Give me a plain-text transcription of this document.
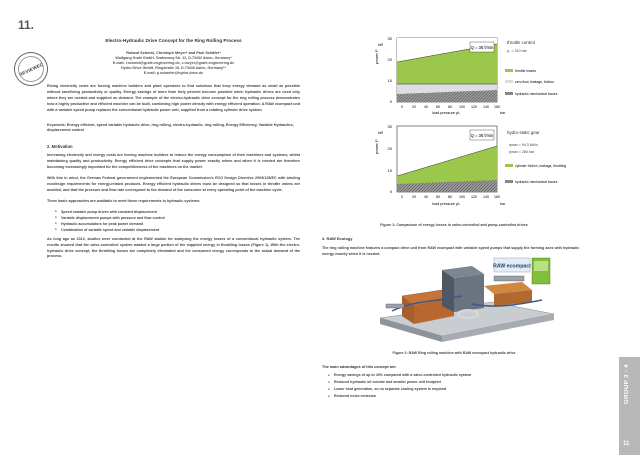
11.
REVIEWED
Electro-Hydraulic Drive Concept for the Ring Rolling Process
Roland Schmid, Christoph Meyer* and Paul Schäfer*
Wolfgang Grafe GmbH, Grafenweg Str. 12, D-73432 Aalen, Germany*
E-mail: r.schmid@grafe-engineering.de, c.meyer@grafe-engineering.de
Hydro Drive GmbH, Ringstraße 18, D-73430 Aalen, Germany**
E-mail: p.schaefer@hydro-drive.de
Rising electricity costs are forcing machine builders and plant operators to find solutions that keep energy demand as small as possible without sacrificing productivity or quality. Energy savings of more than forty percent become possible when hydraulic drives are used only where they are needed and supplied on demand. The example of the electro-hydraulic drive concept for the ring rolling process demonstrates how a highly productive and efficient machine can be built, combining high power density with energy efficient operation. A RAW ecompact unit with a variable speed pump replaces the conventional hydraulic power unit, supplied from a rotating cylinder drive system.
Keywords: Energy efficient, speed variable hydraulic drive, ring rolling, electro-hydraulic, ring rolling, Energy Efficiency, Variable Hydraulics, displacement control
2. Motivation
Increasing electricity and energy costs are forcing machine builders to reduce the energy consumption of their machines and systems, whilst maintaining quality and productivity. Energy efficient drive concepts that supply power exactly where and when it is needed are therefore becoming increasingly important for the competitiveness of the machines on the market.
With this in mind, the German Federal government implemented the European Commission's ECO Design Directive 2009/125/EC with binding ecodesign requirements for energy-related products. Energy efficient hydraulic drives must be designed so that losses in throttle valves are avoided, and that the pressure and flow rate correspond to the demand of the consumer at every operating point of the machine cycle.
Three basic approaches are available to meet these requirements in hydraulic systems:
■ Speed variable pump drives with constant displacement
■ Variable displacement pumps with pressure and flow control
■ Hydraulic accumulators for peak power demand
■ Combination of variable speed and variable displacement
As long ago as 2012, studies were conducted at the RAW station for analysing the energy losses of a conventional hydraulic system. The results showed that the valve-controlled system wasted a large portion of the supplied energy in throttling losses (Figure 1). With the electro-hydraulic drive concept, the throttling losses are completely eliminated and the consumed energy corresponds to the actual demand of the process.
Q = 38 l/min
30
20
10
0
power P
kW
0	20 40 60 80 100 120 140 160
load pressure pL	bar
throttle control
p₀ = 310 bar
throttle losses
zero flow, leakage, friction
hydraulic-mechanical losses
Q = 38 l/min
30
20
10
0
power P
kW
0	20 40 60 80 100 120 140 160
load pressure pL	bar
hydro-static gear
ηmax = 94,3 kW/s
pmax = 280 bar
cylinder friction, leakage, throttling
hydraulic-mechanical losses
Figure 1: Comparison of energy losses in valve-controlled and pump-controlled drives
3. RAW Ecology
The ring rolling machine features a compact drive unit from RAW ecompact with variable speed pumps that supply the forming axes with hydraulic energy exactly when it is needed.
RAW ecompact
Figure 2: RAW Ring rolling machine with RAW ecompact hydraulic drive
The main advantages of this concept are:
■ Energy savings of up to 40% compared with a valve-controlled hydraulic system
■ Reduced hydraulic oil volume and smaller power unit footprint
■ Lower heat generation, so no separate cooling system is required
■ Reduced noise emission	GROUP 3 - 4
11
